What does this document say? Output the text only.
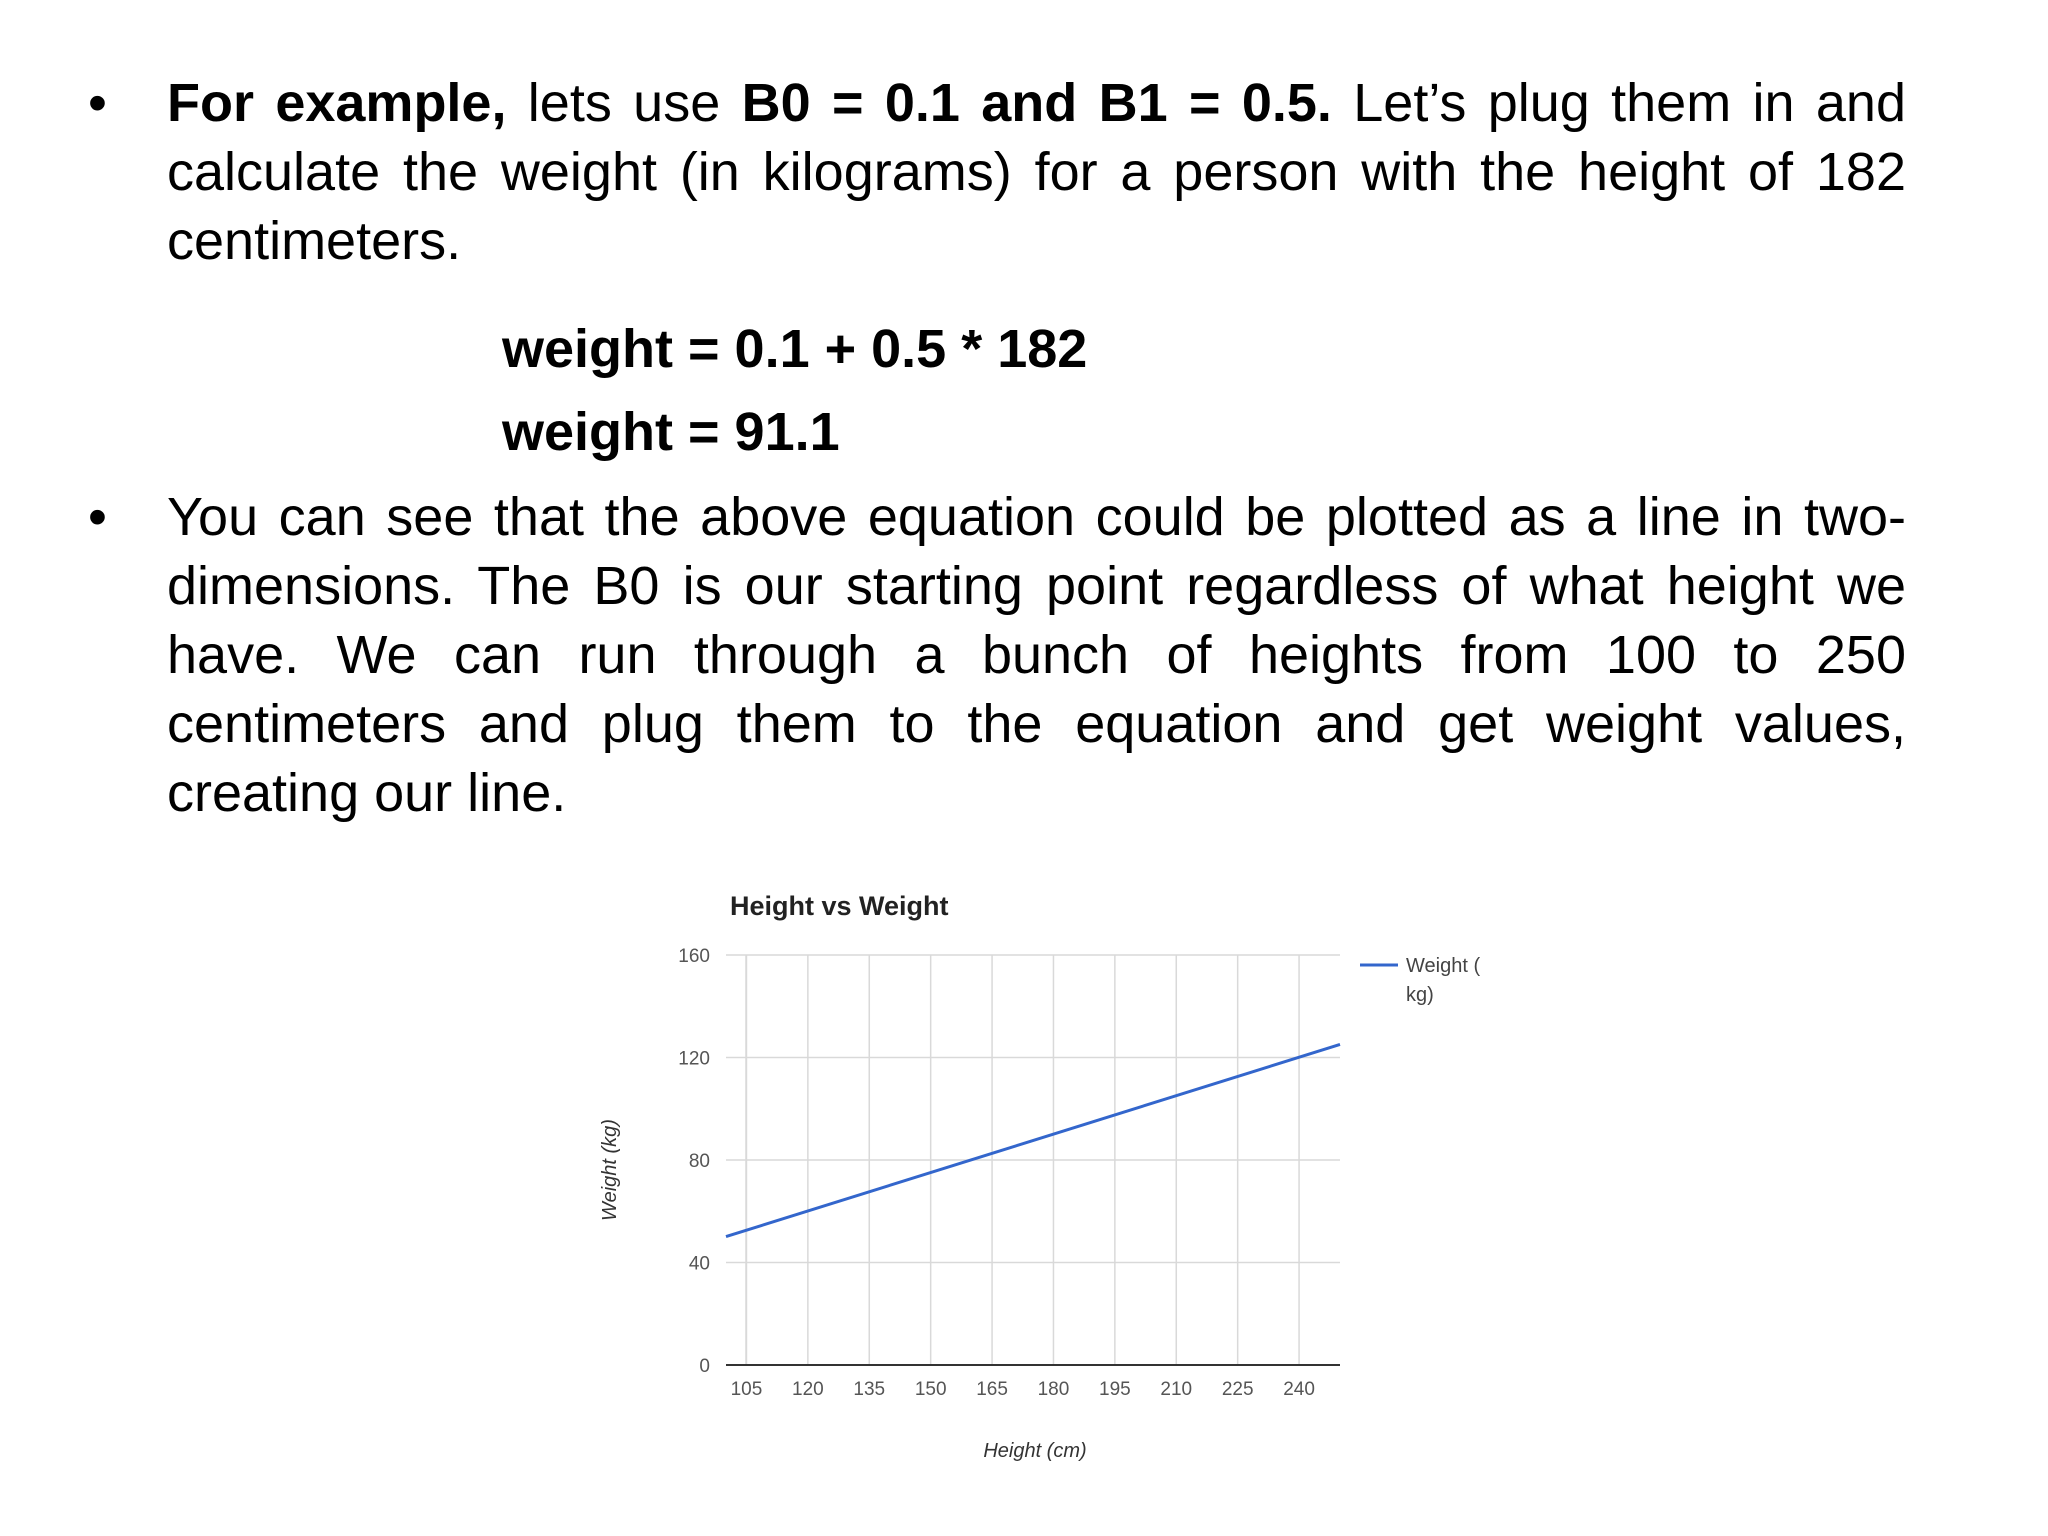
•	For example, lets use B0 = 0.1 and B1 = 0.5. Let’s plug them in and calculate the weight (in kilograms) for a person with the height of 182 centimeters.
weight = 0.1 + 0.5 * 182
weight = 91.1
•	You can see that the above equation could be plotted as a line in two-dimensions. The B0 is our starting point regardless of what height we have. We can run through a bunch of heights from 100 to 250 centimeters and plug them to the equation and get weight values, creating our line.
Height vs Weight
0
40
80
120
160
105 120 135 150 165 180 195 210 225 240
Height (cm)
Weight (kg)
Weight ( kg)
